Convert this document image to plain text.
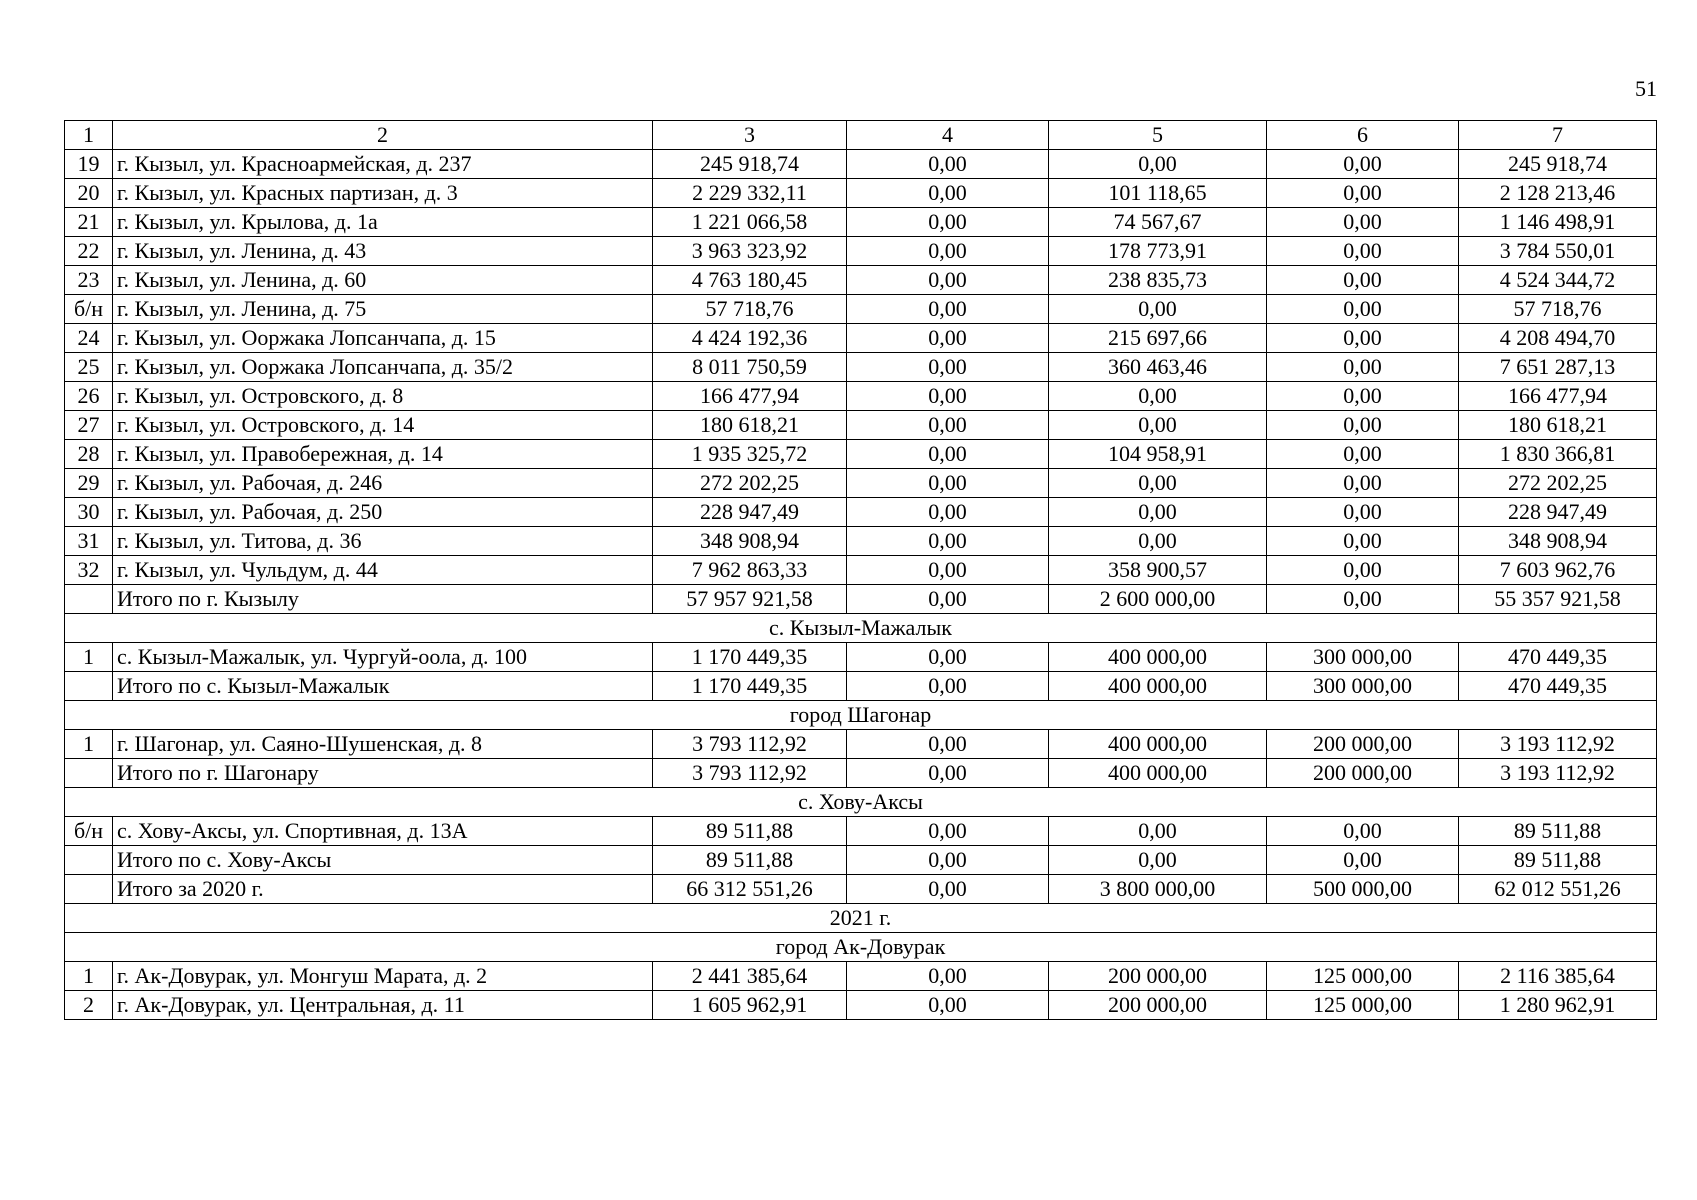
51
1	2	3	4	5	6	7
19	г. Кызыл, ул. Красноармейская, д. 237	245 918,74	0,00	0,00	0,00	245 918,74
20	г. Кызыл, ул. Красных партизан, д. 3	2 229 332,11	0,00	101 118,65	0,00	2 128 213,46
21	г. Кызыл, ул. Крылова, д. 1а	1 221 066,58	0,00	74 567,67	0,00	1 146 498,91
22	г. Кызыл, ул. Ленина, д. 43	3 963 323,92	0,00	178 773,91	0,00	3 784 550,01
23	г. Кызыл, ул. Ленина, д. 60	4 763 180,45	0,00	238 835,73	0,00	4 524 344,72
б/н	г. Кызыл, ул. Ленина, д. 75	57 718,76	0,00	0,00	0,00	57 718,76
24	г. Кызыл, ул. Ооржака Лопсанчапа, д. 15	4 424 192,36	0,00	215 697,66	0,00	4 208 494,70
25	г. Кызыл, ул. Ооржака Лопсанчапа, д. 35/2	8 011 750,59	0,00	360 463,46	0,00	7 651 287,13
26	г. Кызыл, ул. Островского, д. 8	166 477,94	0,00	0,00	0,00	166 477,94
27	г. Кызыл, ул. Островского, д. 14	180 618,21	0,00	0,00	0,00	180 618,21
28	г. Кызыл, ул. Правобережная, д. 14	1 935 325,72	0,00	104 958,91	0,00	1 830 366,81
29	г. Кызыл, ул. Рабочая, д. 246	272 202,25	0,00	0,00	0,00	272 202,25
30	г. Кызыл, ул. Рабочая, д. 250	228 947,49	0,00	0,00	0,00	228 947,49
31	г. Кызыл, ул. Титова, д. 36	348 908,94	0,00	0,00	0,00	348 908,94
32	г. Кызыл, ул. Чульдум, д. 44	7 962 863,33	0,00	358 900,57	0,00	7 603 962,76
	Итого по г. Кызылу	57 957 921,58	0,00	2 600 000,00	0,00	55 357 921,58
с. Кызыл-Мажалык						
1	с. Кызыл-Мажалык, ул. Чургуй-оола, д. 100	1 170 449,35	0,00	400 000,00	300 000,00	470 449,35
	Итого по с. Кызыл-Мажалык	1 170 449,35	0,00	400 000,00	300 000,00	470 449,35
город Шагонар						
1	г. Шагонар, ул. Саяно-Шушенская, д. 8	3 793 112,92	0,00	400 000,00	200 000,00	3 193 112,92
	Итого по г. Шагонару	3 793 112,92	0,00	400 000,00	200 000,00	3 193 112,92
с. Хову-Аксы						
б/н	с. Хову-Аксы, ул. Спортивная, д. 13А	89 511,88	0,00	0,00	0,00	89 511,88
	Итого по с. Хову-Аксы	89 511,88	0,00	0,00	0,00	89 511,88
	Итого за 2020 г.	66 312 551,26	0,00	3 800 000,00	500 000,00	62 012 551,26
2021 г.						
город Ак-Довурак						
1	г. Ак-Довурак, ул. Монгуш Марата, д. 2	2 441 385,64	0,00	200 000,00	125 000,00	2 116 385,64
2	г. Ак-Довурак, ул. Центральная, д. 11	1 605 962,91	0,00	200 000,00	125 000,00	1 280 962,91
